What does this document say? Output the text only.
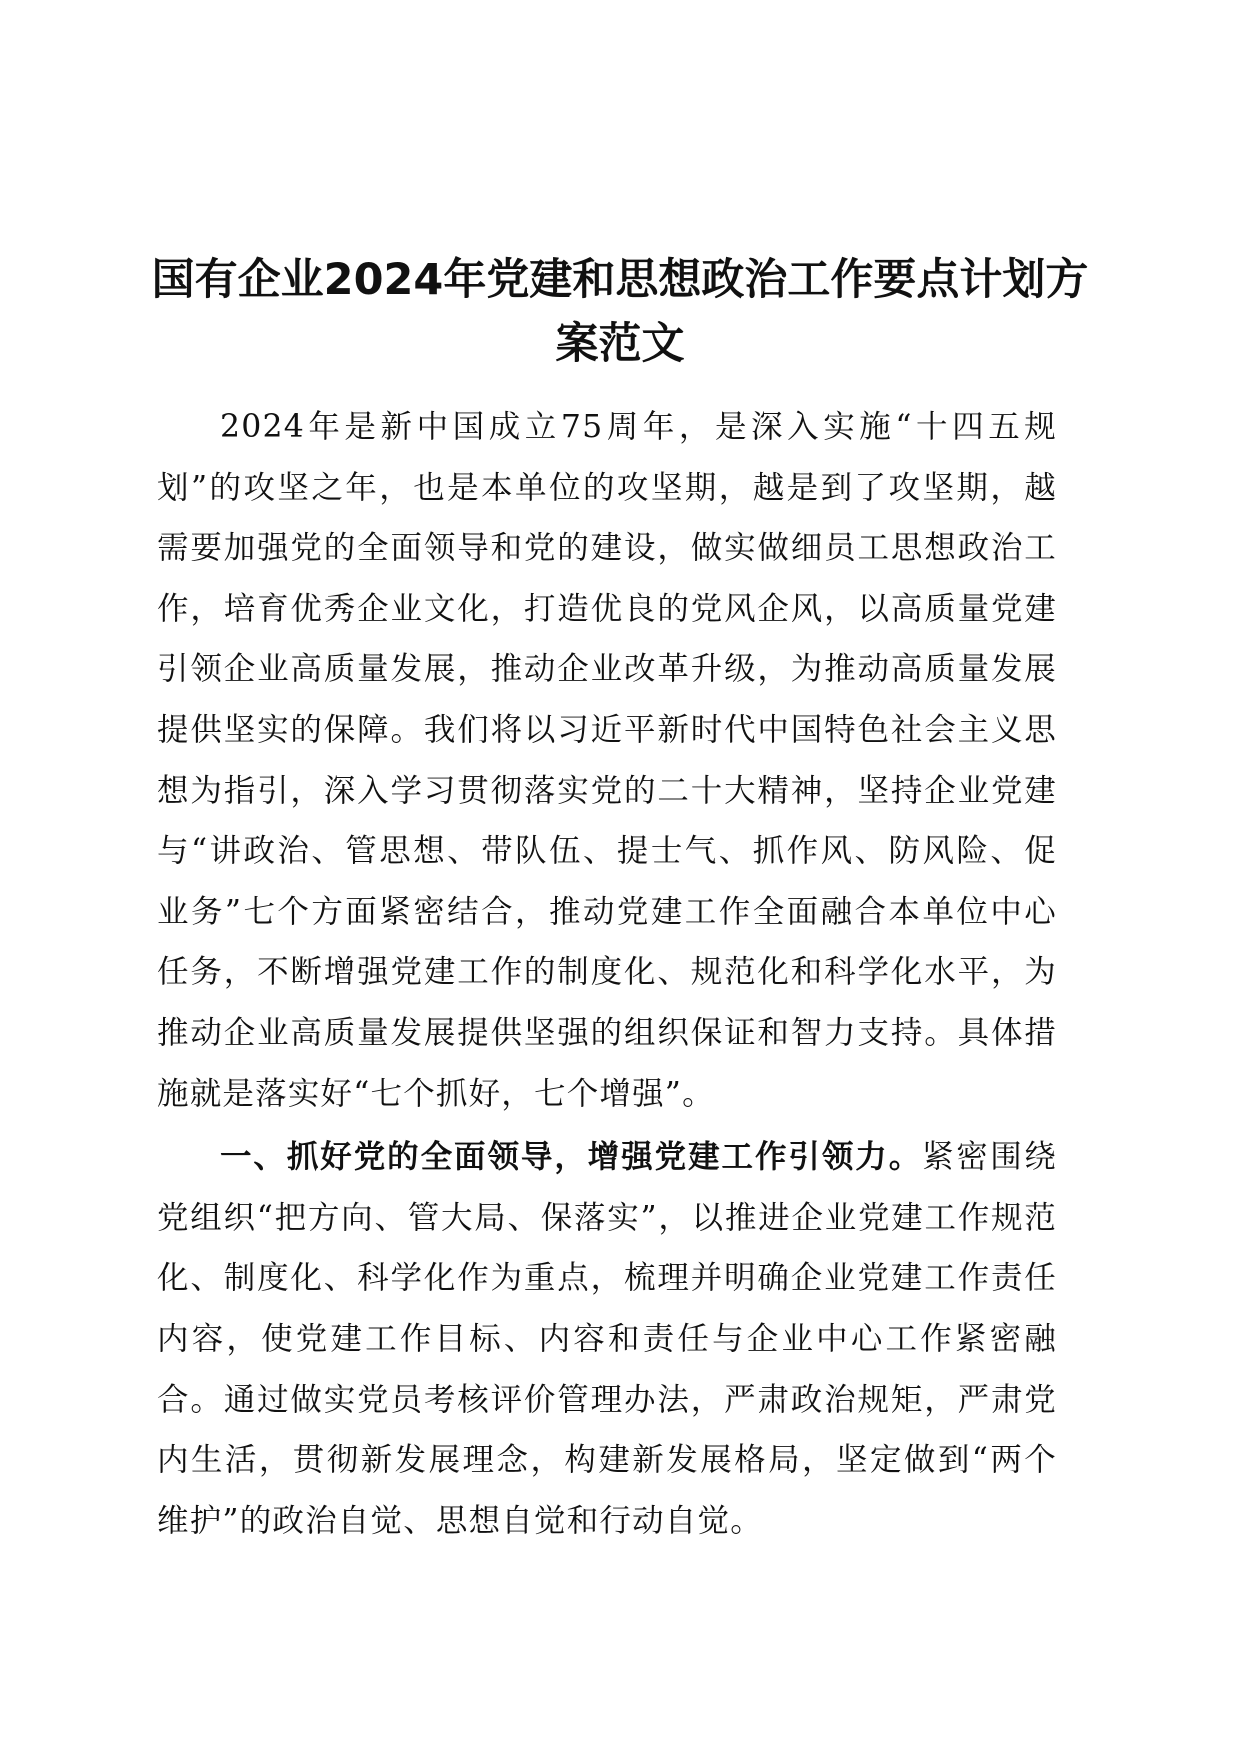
国有企业2024年党建和思想政治工作要点计划方案范文

2024年是新中国成立75周年，是深入实施“十四五规划”的攻坚之年，也是本单位的攻坚期，越是到了攻坚期，越需要加强党的全面领导和党的建设，做实做细员工思想政治工作，培育优秀企业文化，打造优良的党风企风，以高质量党建引领企业高质量发展，推动企业改革升级，为推动高质量发展提供坚实的保障。我们将以习近平新时代中国特色社会主义思想为指引，深入学习贯彻落实党的二十大精神，坚持企业党建与“讲政治、管思想、带队伍、提士气、抓作风、防风险、促业务”七个方面紧密结合，推动党建工作全面融合本单位中心任务，不断增强党建工作的制度化、规范化和科学化水平，为推动企业高质量发展提供坚强的组织保证和智力支持。具体措施就是落实好“七个抓好，七个增强”。

一、抓好党的全面领导，增强党建工作引领力。紧密围绕党组织“把方向、管大局、保落实”，以推进企业党建工作规范化、制度化、科学化作为重点，梳理并明确企业党建工作责任内容，使党建工作目标、内容和责任与企业中心工作紧密融合。通过做实党员考核评价管理办法，严肃政治规矩，严肃党内生活，贯彻新发展理念，构建新发展格局，坚定做到“两个维护”的政治自觉、思想自觉和行动自觉。
